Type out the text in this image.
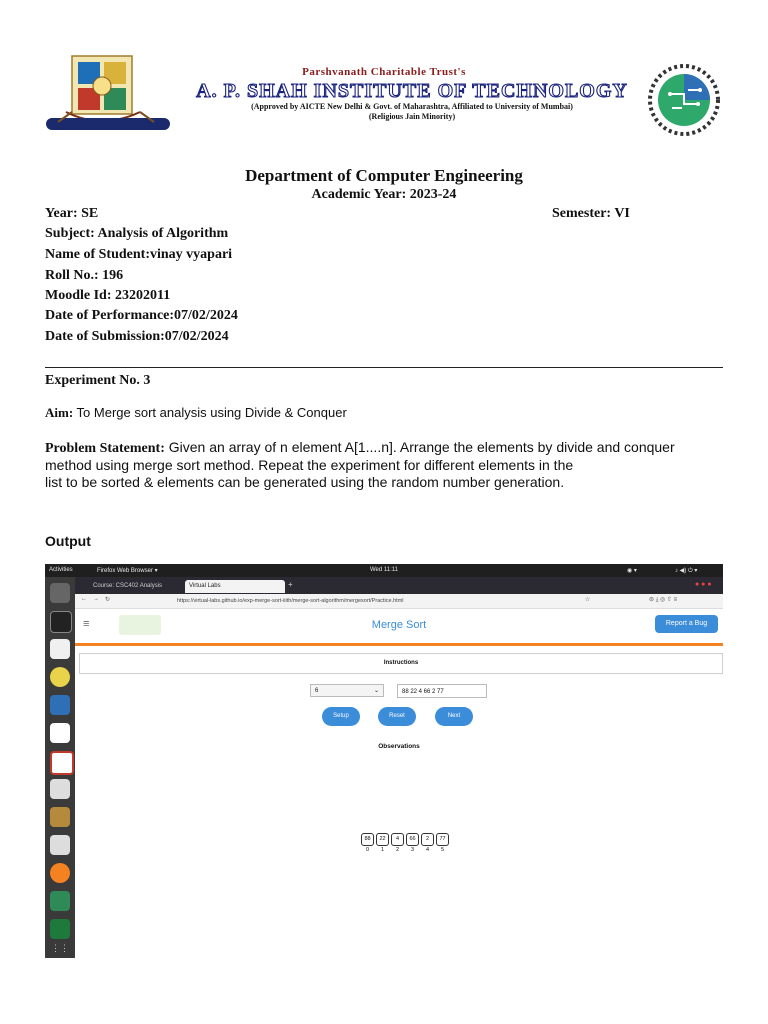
Parshvanath Charitable Trust's
A. P. SHAH INSTITUTE OF TECHNOLOGY
(Approved by AICTE New Delhi & Govt. of Maharashtra, Affiliated to University of Mumbai)
(Religious Jain Minority)
Department of Computer Engineering
Academic Year: 2023-24
Year: SE	Semester: VI
Subject: Analysis of Algorithm
Name of Student:vinay vyapari
Roll No.: 196
Moodle Id: 23202011
Date of Performance:07/02/2024
Date of Submission:07/02/2024
Experiment No. 3
Aim: To Merge sort analysis using Divide & Conquer
Problem Statement: Given an array of n element A[1....n]. Arrange the elements by divide and conquer
method using merge sort method. Repeat the experiment for different elements in the
list to be sorted & elements can be generated using the random number generation.
Output
Activities	Firefox Web Browser ▾	Wed 11:11	◉ ▾	♪ ◀) ⏻ ▾
Course: CSC402 Analysis	Virtual Labs	+	● ● ●
← → ↻	https://virtual-labs.github.io/exp-merge-sort-iiith/merge-sort-algorithm/mergesort/Practice.html	☆	⊜ ⤓ ◎ ⇧ ≡
⋮⋮
≡	Merge Sort	Report a Bug
Instructions
6	⌄	88 22 4 66 2 77
Setup	Reset	Next
Observations
88	22	4	66	2	77
0	1	2	3	4	5
